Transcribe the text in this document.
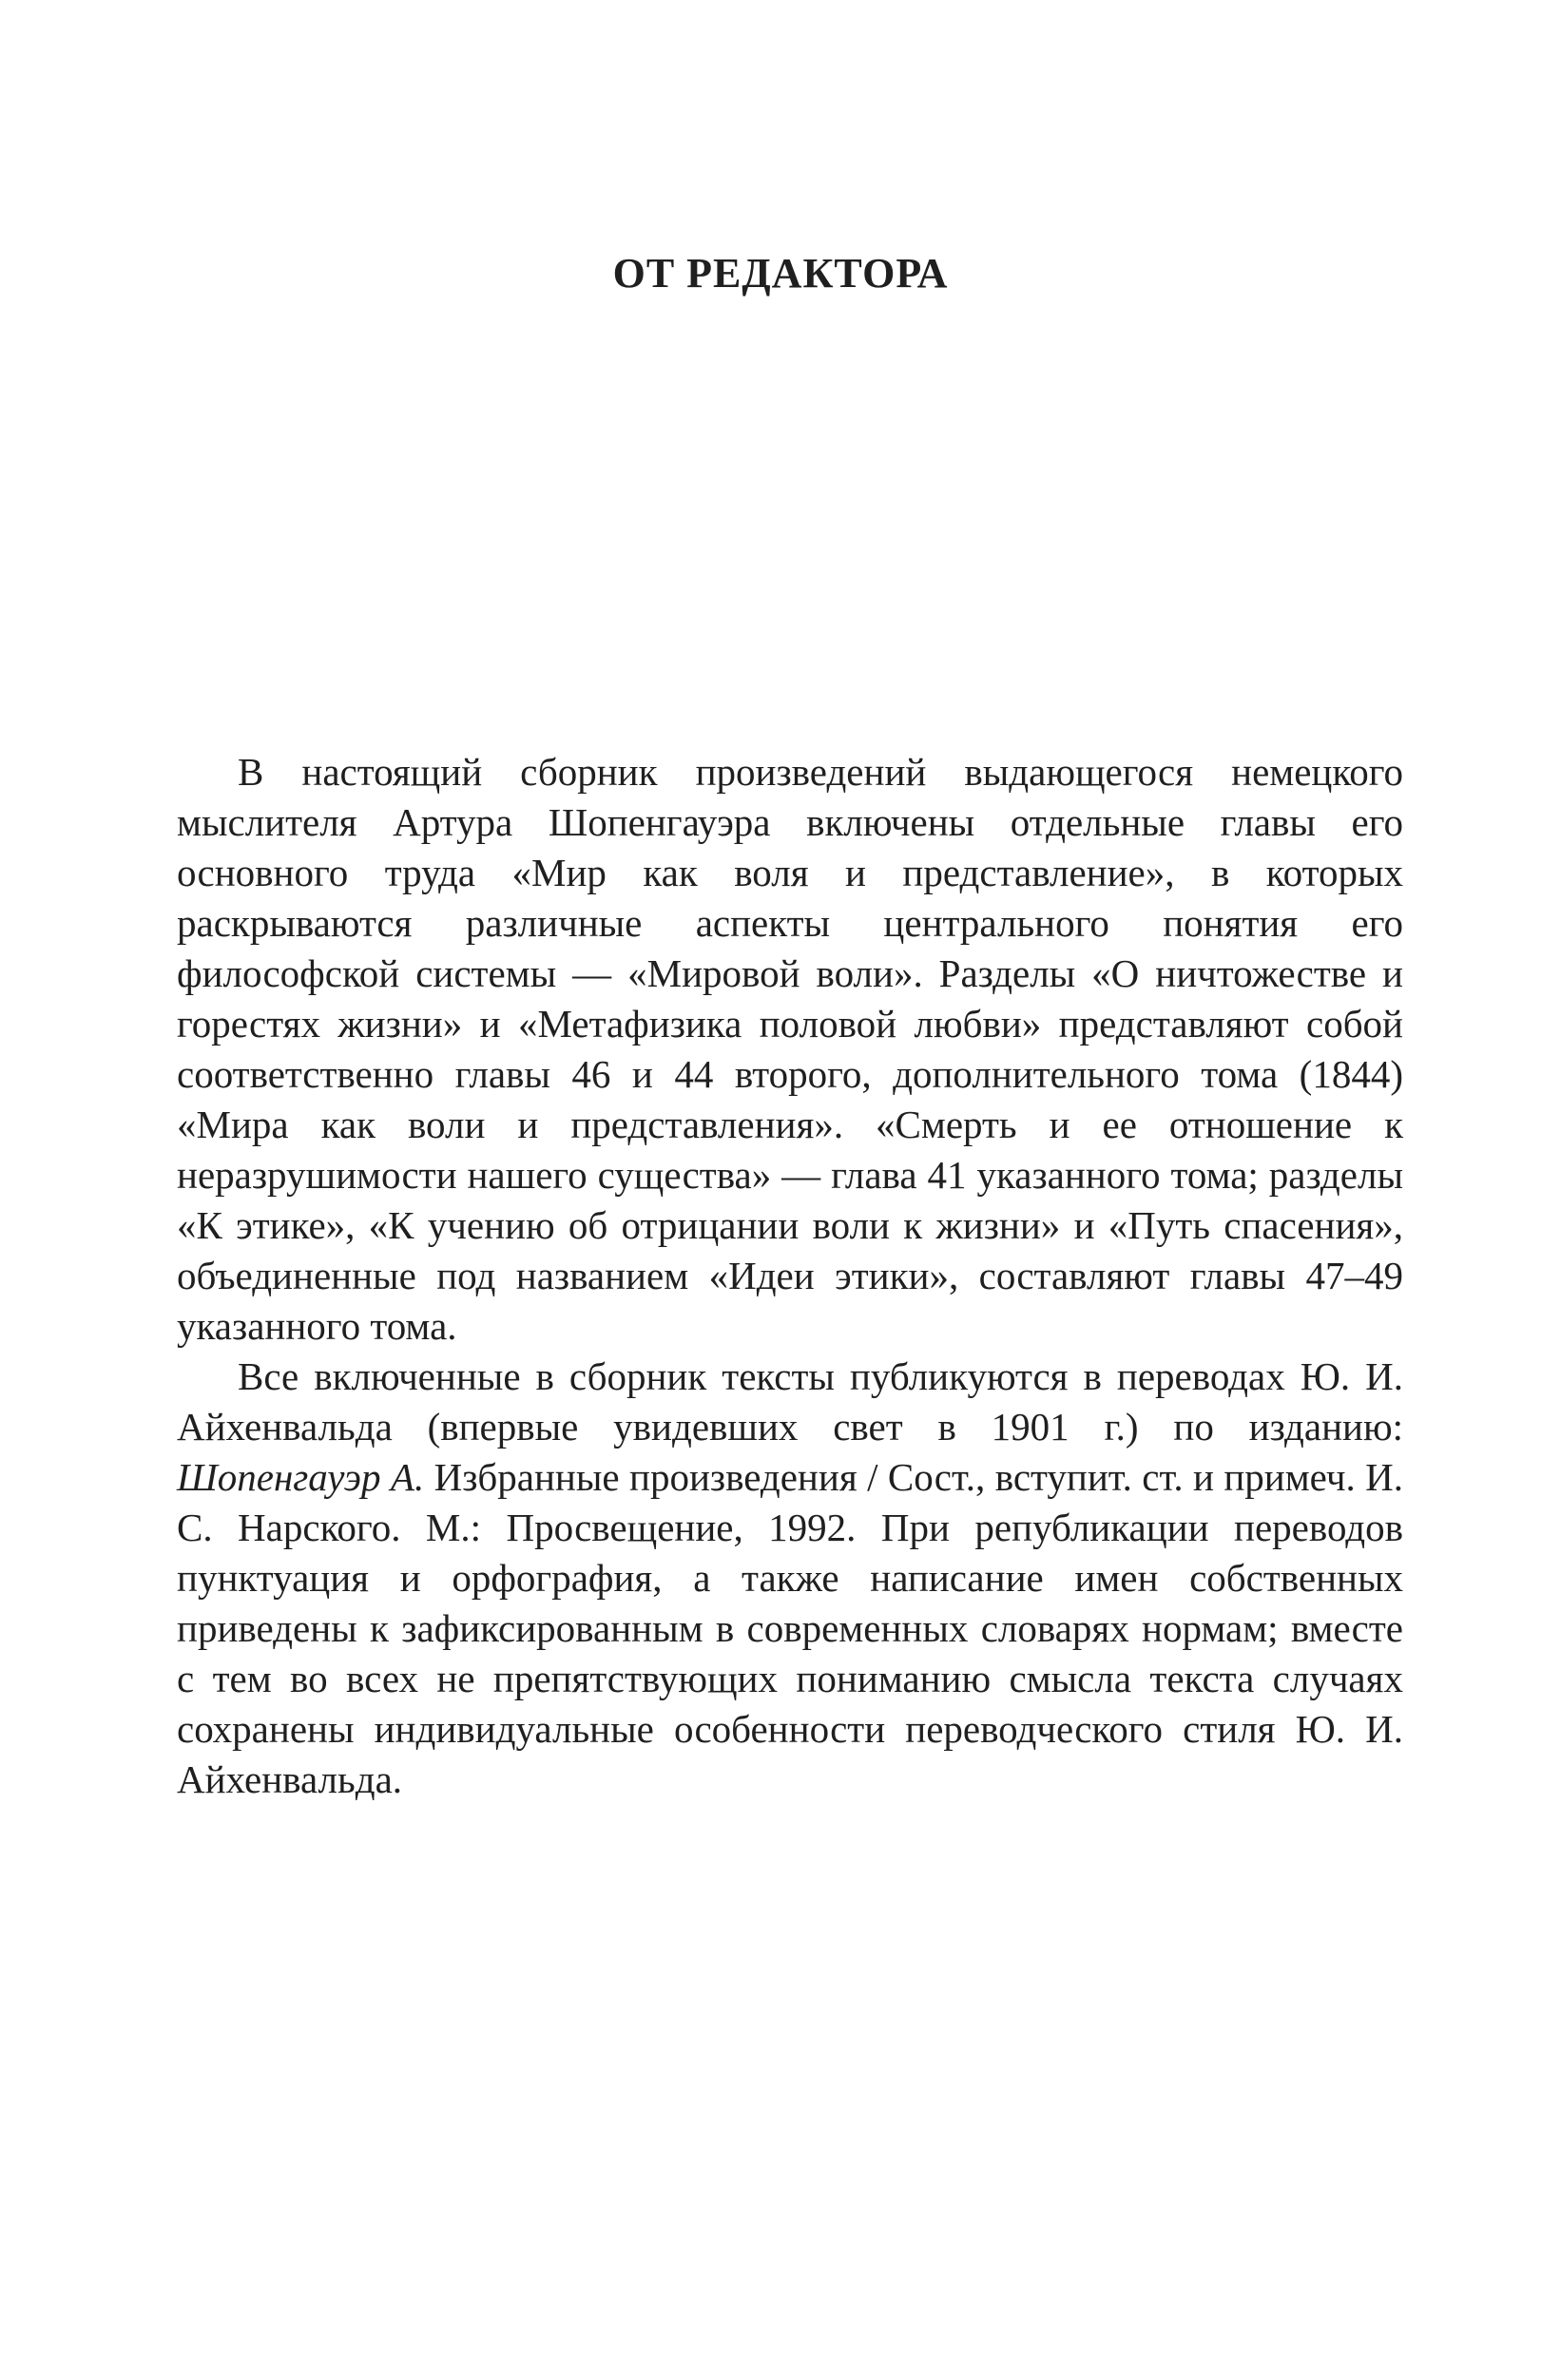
ОТ РЕДАКТОРА

В настоящий сборник произведений выдающегося немецкого мыслителя Артура Шопенгауэра включены отдельные главы его основного труда «Мир как воля и представление», в которых раскрываются различные аспекты центрального понятия его философской системы — «Мировой воли». Разделы «О ничтожестве и горестях жизни» и «Метафизика половой любви» представляют собой соответственно главы 46 и 44 второго, дополнительного тома (1844) «Мира как воли и представления». «Смерть и ее отношение к неразрушимости нашего существа» — глава 41 указанного тома; разделы «К этике», «К учению об отрицании воли к жизни» и «Путь спасения», объединенные под названием «Идеи этики», составляют главы 47–49 указанного тома.

Все включенные в сборник тексты публикуются в переводах Ю. И. Айхенвальда (впервые увидевших свет в 1901 г.) по изданию: Шопенгауэр А. Избранные произведения / Сост., вступит. ст. и примеч. И. С. Нарского. М.: Просвещение, 1992. При републикации переводов пунктуация и орфография, а также написание имен собственных приведены к зафиксированным в современных словарях нормам; вместе с тем во всех не препятствующих пониманию смысла текста случаях сохранены индивидуальные особенности переводческого стиля Ю. И. Айхенвальда.
